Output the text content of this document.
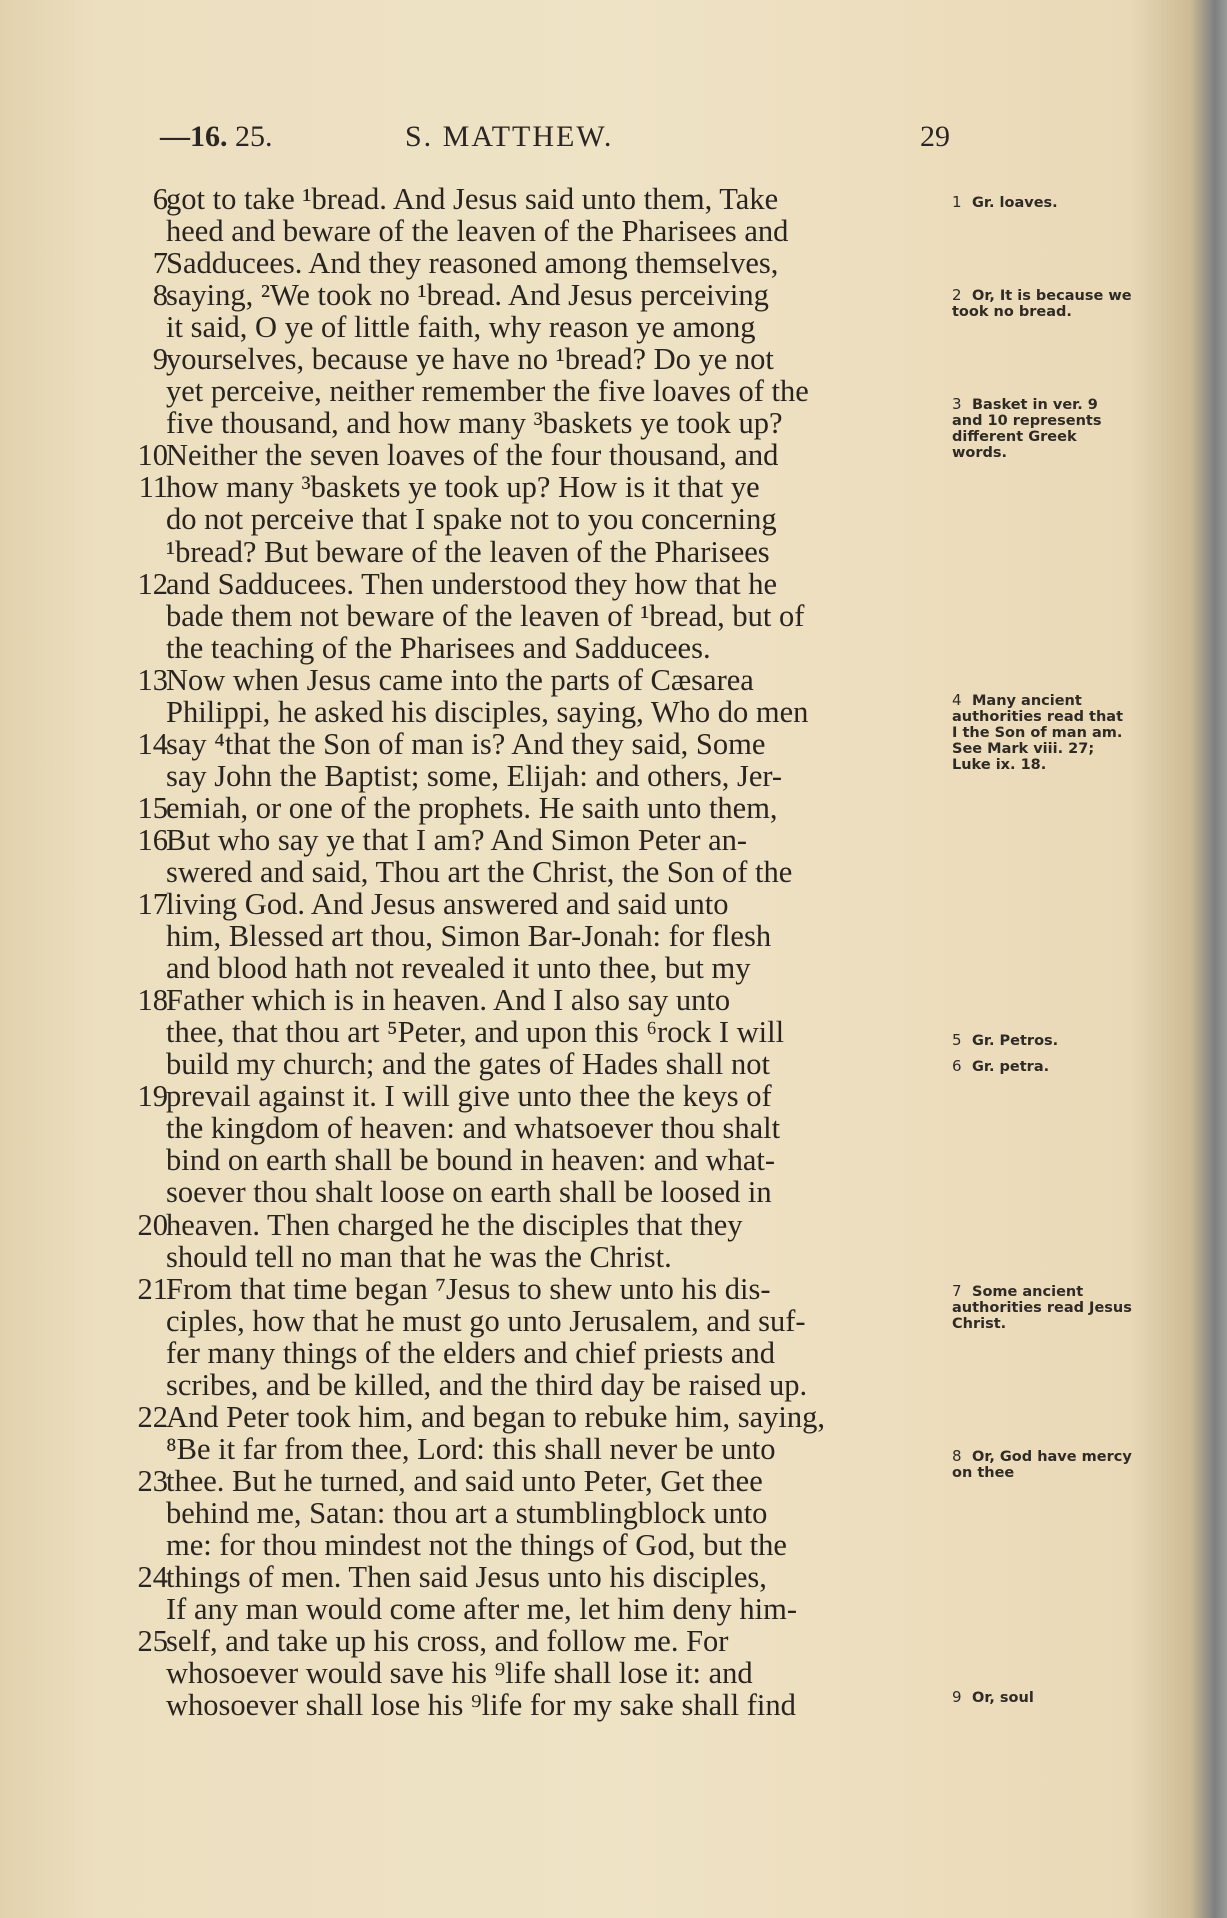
—16. 25.	S. MATTHEW.	29
6
got to take ¹bread. And Jesus said unto them, Take
heed and beware of the leaven of the Pharisees and
7
Sadducees. And they reasoned among themselves,
8
saying, ²We took no ¹bread. And Jesus perceiving
it said, O ye of little faith, why reason ye among
9
yourselves, because ye have no ¹bread? Do ye not
yet perceive, neither remember the five loaves of the
five thousand, and how many ³baskets ye took up?
10
Neither the seven loaves of the four thousand, and
11
how many ³baskets ye took up? How is it that ye
do not perceive that I spake not to you concerning
¹bread? But beware of the leaven of the Pharisees
12
and Sadducees. Then understood they how that he
bade them not beware of the leaven of ¹bread, but of
the teaching of the Pharisees and Sadducees.
13
Now when Jesus came into the parts of Cæsarea
Philippi, he asked his disciples, saying, Who do men
14
say ⁴that the Son of man is? And they said, Some
say John the Baptist; some, Elijah: and others, Jer-
15
emiah, or one of the prophets. He saith unto them,
16
But who say ye that I am? And Simon Peter an-
swered and said, Thou art the Christ, the Son of the
17
living God. And Jesus answered and said unto
him, Blessed art thou, Simon Bar-Jonah: for flesh
and blood hath not revealed it unto thee, but my
18
Father which is in heaven. And I also say unto
thee, that thou art ⁵Peter, and upon this ⁶rock I will
build my church; and the gates of Hades shall not
19
prevail against it. I will give unto thee the keys of
the kingdom of heaven: and whatsoever thou shalt
bind on earth shall be bound in heaven: and what-
soever thou shalt loose on earth shall be loosed in
20
heaven. Then charged he the disciples that they
should tell no man that he was the Christ.
21
From that time began ⁷Jesus to shew unto his dis-
ciples, how that he must go unto Jerusalem, and suf-
fer many things of the elders and chief priests and
scribes, and be killed, and the third day be raised up.
22
And Peter took him, and began to rebuke him, saying,
⁸Be it far from thee, Lord: this shall never be unto
23
thee. But he turned, and said unto Peter, Get thee
behind me, Satan: thou art a stumblingblock unto
me: for thou mindest not the things of God, but the
24
things of men. Then said Jesus unto his disciples,
If any man would come after me, let him deny him-
25
self, and take up his cross, and follow me. For
whosoever would save his ⁹life shall lose it: and
whosoever shall lose his ⁹life for my sake shall find
1 Gr. loaves.
2 Or, It is because we took no bread.
3 Basket in ver. 9 and 10 represents different Greek words.
4 Many ancient authorities read that I the Son of man am. See Mark viii. 27; Luke ix. 18.
5 Gr. Petros.
6 Gr. petra.
7 Some ancient authorities read Jesus Christ.
8 Or, God have mercy on thee
9 Or, soul
